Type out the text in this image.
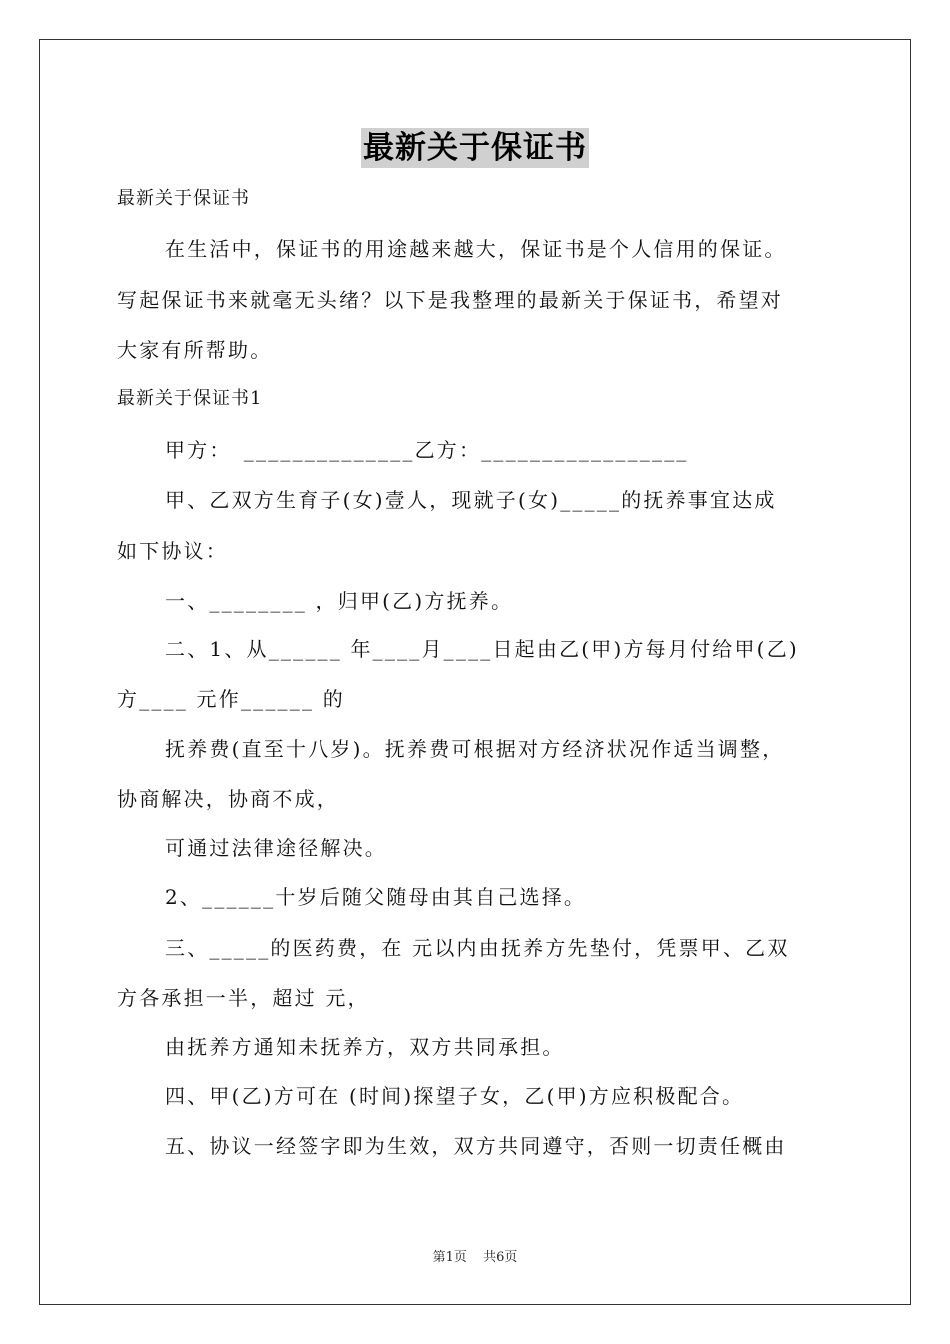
最新关于保证书
最新关于保证书
在生活中，保证书的用途越来越大，保证书是个人信用的保证。
写起保证书来就毫无头绪？以下是我整理的最新关于保证书，希望对
大家有所帮助。
最新关于保证书1
甲方：　______________乙方：_________________
甲、乙双方生育子(女)壹人，现就子(女)_____的抚养事宜达成
如下协议：
一、________ ，归甲(乙)方抚养。
二、1、从______ 年____月____日起由乙(甲)方每月付给甲(乙)
方____ 元作______ 的
抚养费(直至十八岁)。抚养费可根据对方经济状况作适当调整，
协商解决，协商不成，
可通过法律途径解决。
2、______十岁后随父随母由其自己选择。
三、_____的医药费，在 元以内由抚养方先垫付，凭票甲、乙双
方各承担一半，超过 元，
由抚养方通知未抚养方，双方共同承担。
四、甲(乙)方可在 (时间)探望子女，乙(甲)方应积极配合。
五、协议一经签字即为生效，双方共同遵守，否则一切责任概由
第1页 共6页
